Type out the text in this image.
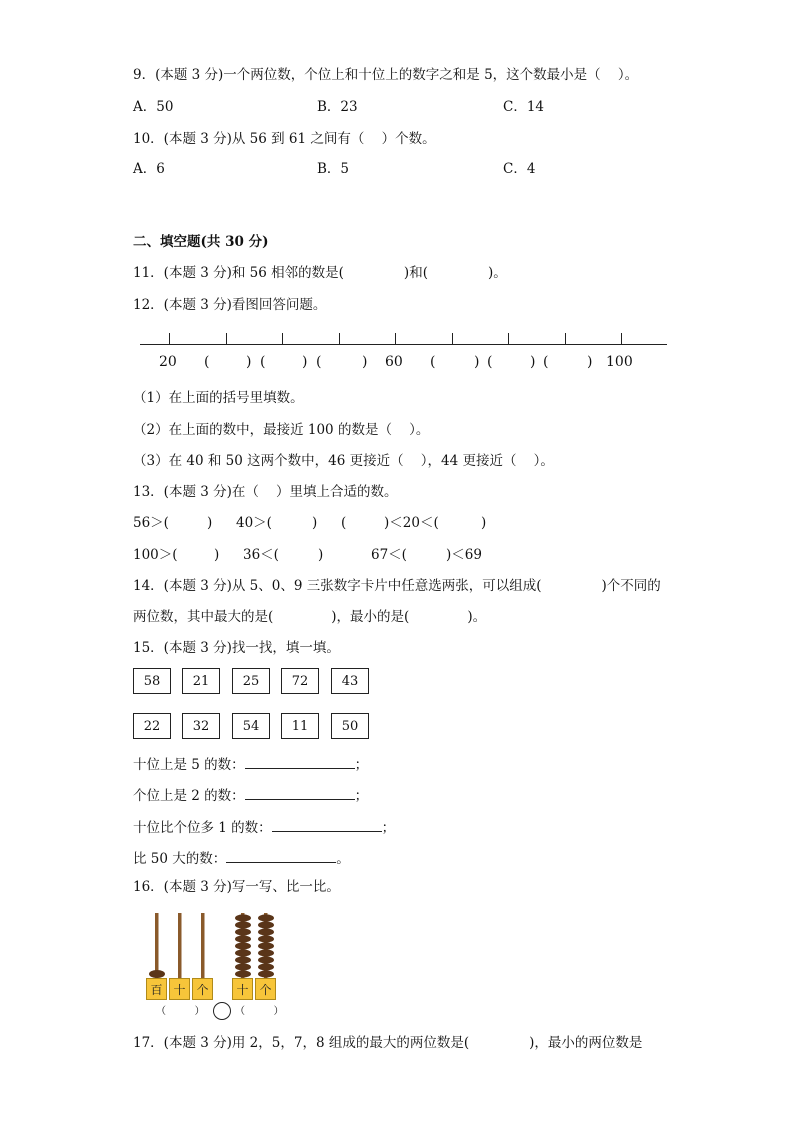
9．(本题 3 分)一个两位数，个位上和十位上的数字之和是 5，这个数最小是（    ）。
A．50	B．23	C．14
10．(本题 3 分)从 56 到 61 之间有（    ）个数。
A．6	B．5	C．4
二、填空题(共 30 分)
11．(本题 3 分)和 56 相邻的数是(	)和(	)。
12．(本题 3 分)看图回答问题。
20 (	) (	) (	) 60 (	) (	) (	) 100
（1）在上面的括号里填数。
（2）在上面的数中，最接近 100 的数是（    ）。
（3）在 40 和 50 这两个数中，46 更接近（    ），44 更接近（    ）。
13．(本题 3 分)在（    ）里填上合适的数。
56＞(	) 40＞(	) (	)＜20＜(	)
100＞(	) 36＜(	)	67＜(	)＜69
14．(本题 3 分)从 5、0、9 三张数字卡片中任意选两张，可以组成(	)个不同的
两位数，其中最大的是(	)，最小的是(	)。
15．(本题 3 分)找一找，填一填。
58	21	25	72	43
22	32	54	11	50
十位上是 5 的数：	；
个位上是 2 的数：	；
十位比个位多 1 的数：	；
比 50 大的数：	。
16．(本题 3 分)写一写、比一比。
百 十 个	十 个
（         ）	（         ）
17．(本题 3 分)用 2，5，7，8 组成的最大的两位数是(	)，最小的两位数是
